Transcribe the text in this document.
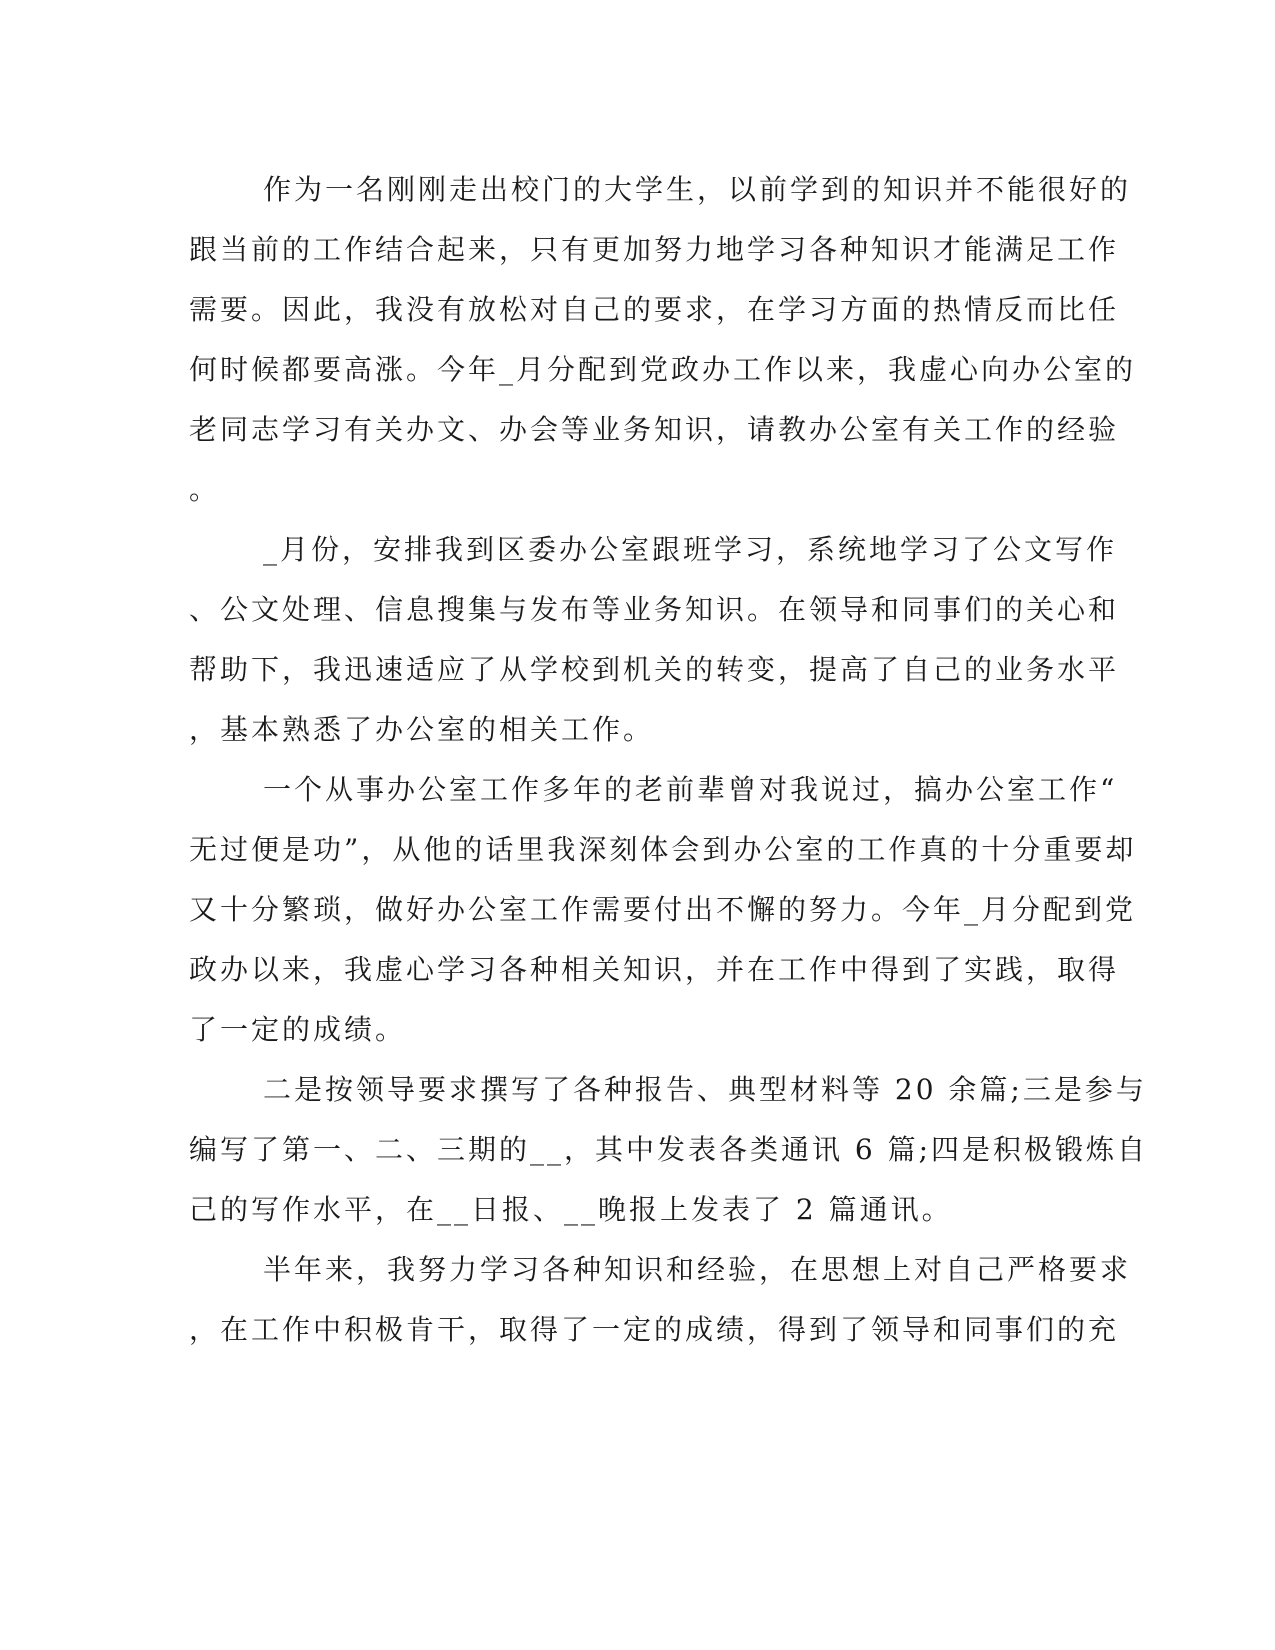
作为一名刚刚走出校门的大学生，以前学到的知识并不能很好的
跟当前的工作结合起来，只有更加努力地学习各种知识才能满足工作
需要。因此，我没有放松对自己的要求，在学习方面的热情反而比任
何时候都要高涨。今年_月分配到党政办工作以来，我虚心向办公室的
老同志学习有关办文、办会等业务知识，请教办公室有关工作的经验
。
_月份，安排我到区委办公室跟班学习，系统地学习了公文写作
、公文处理、信息搜集与发布等业务知识。在领导和同事们的关心和
帮助下，我迅速适应了从学校到机关的转变，提高了自己的业务水平
，基本熟悉了办公室的相关工作。
一个从事办公室工作多年的老前辈曾对我说过，搞办公室工作“
无过便是功”，从他的话里我深刻体会到办公室的工作真的十分重要却
又十分繁琐，做好办公室工作需要付出不懈的努力。今年_月分配到党
政办以来，我虚心学习各种相关知识，并在工作中得到了实践，取得
了一定的成绩。
二是按领导要求撰写了各种报告、典型材料等 20 余篇;三是参与
编写了第一、二、三期的__，其中发表各类通讯 6 篇;四是积极锻炼自
己的写作水平，在__日报、__晚报上发表了 2 篇通讯。
半年来，我努力学习各种知识和经验，在思想上对自己严格要求
，在工作中积极肯干，取得了一定的成绩，得到了领导和同事们的充
